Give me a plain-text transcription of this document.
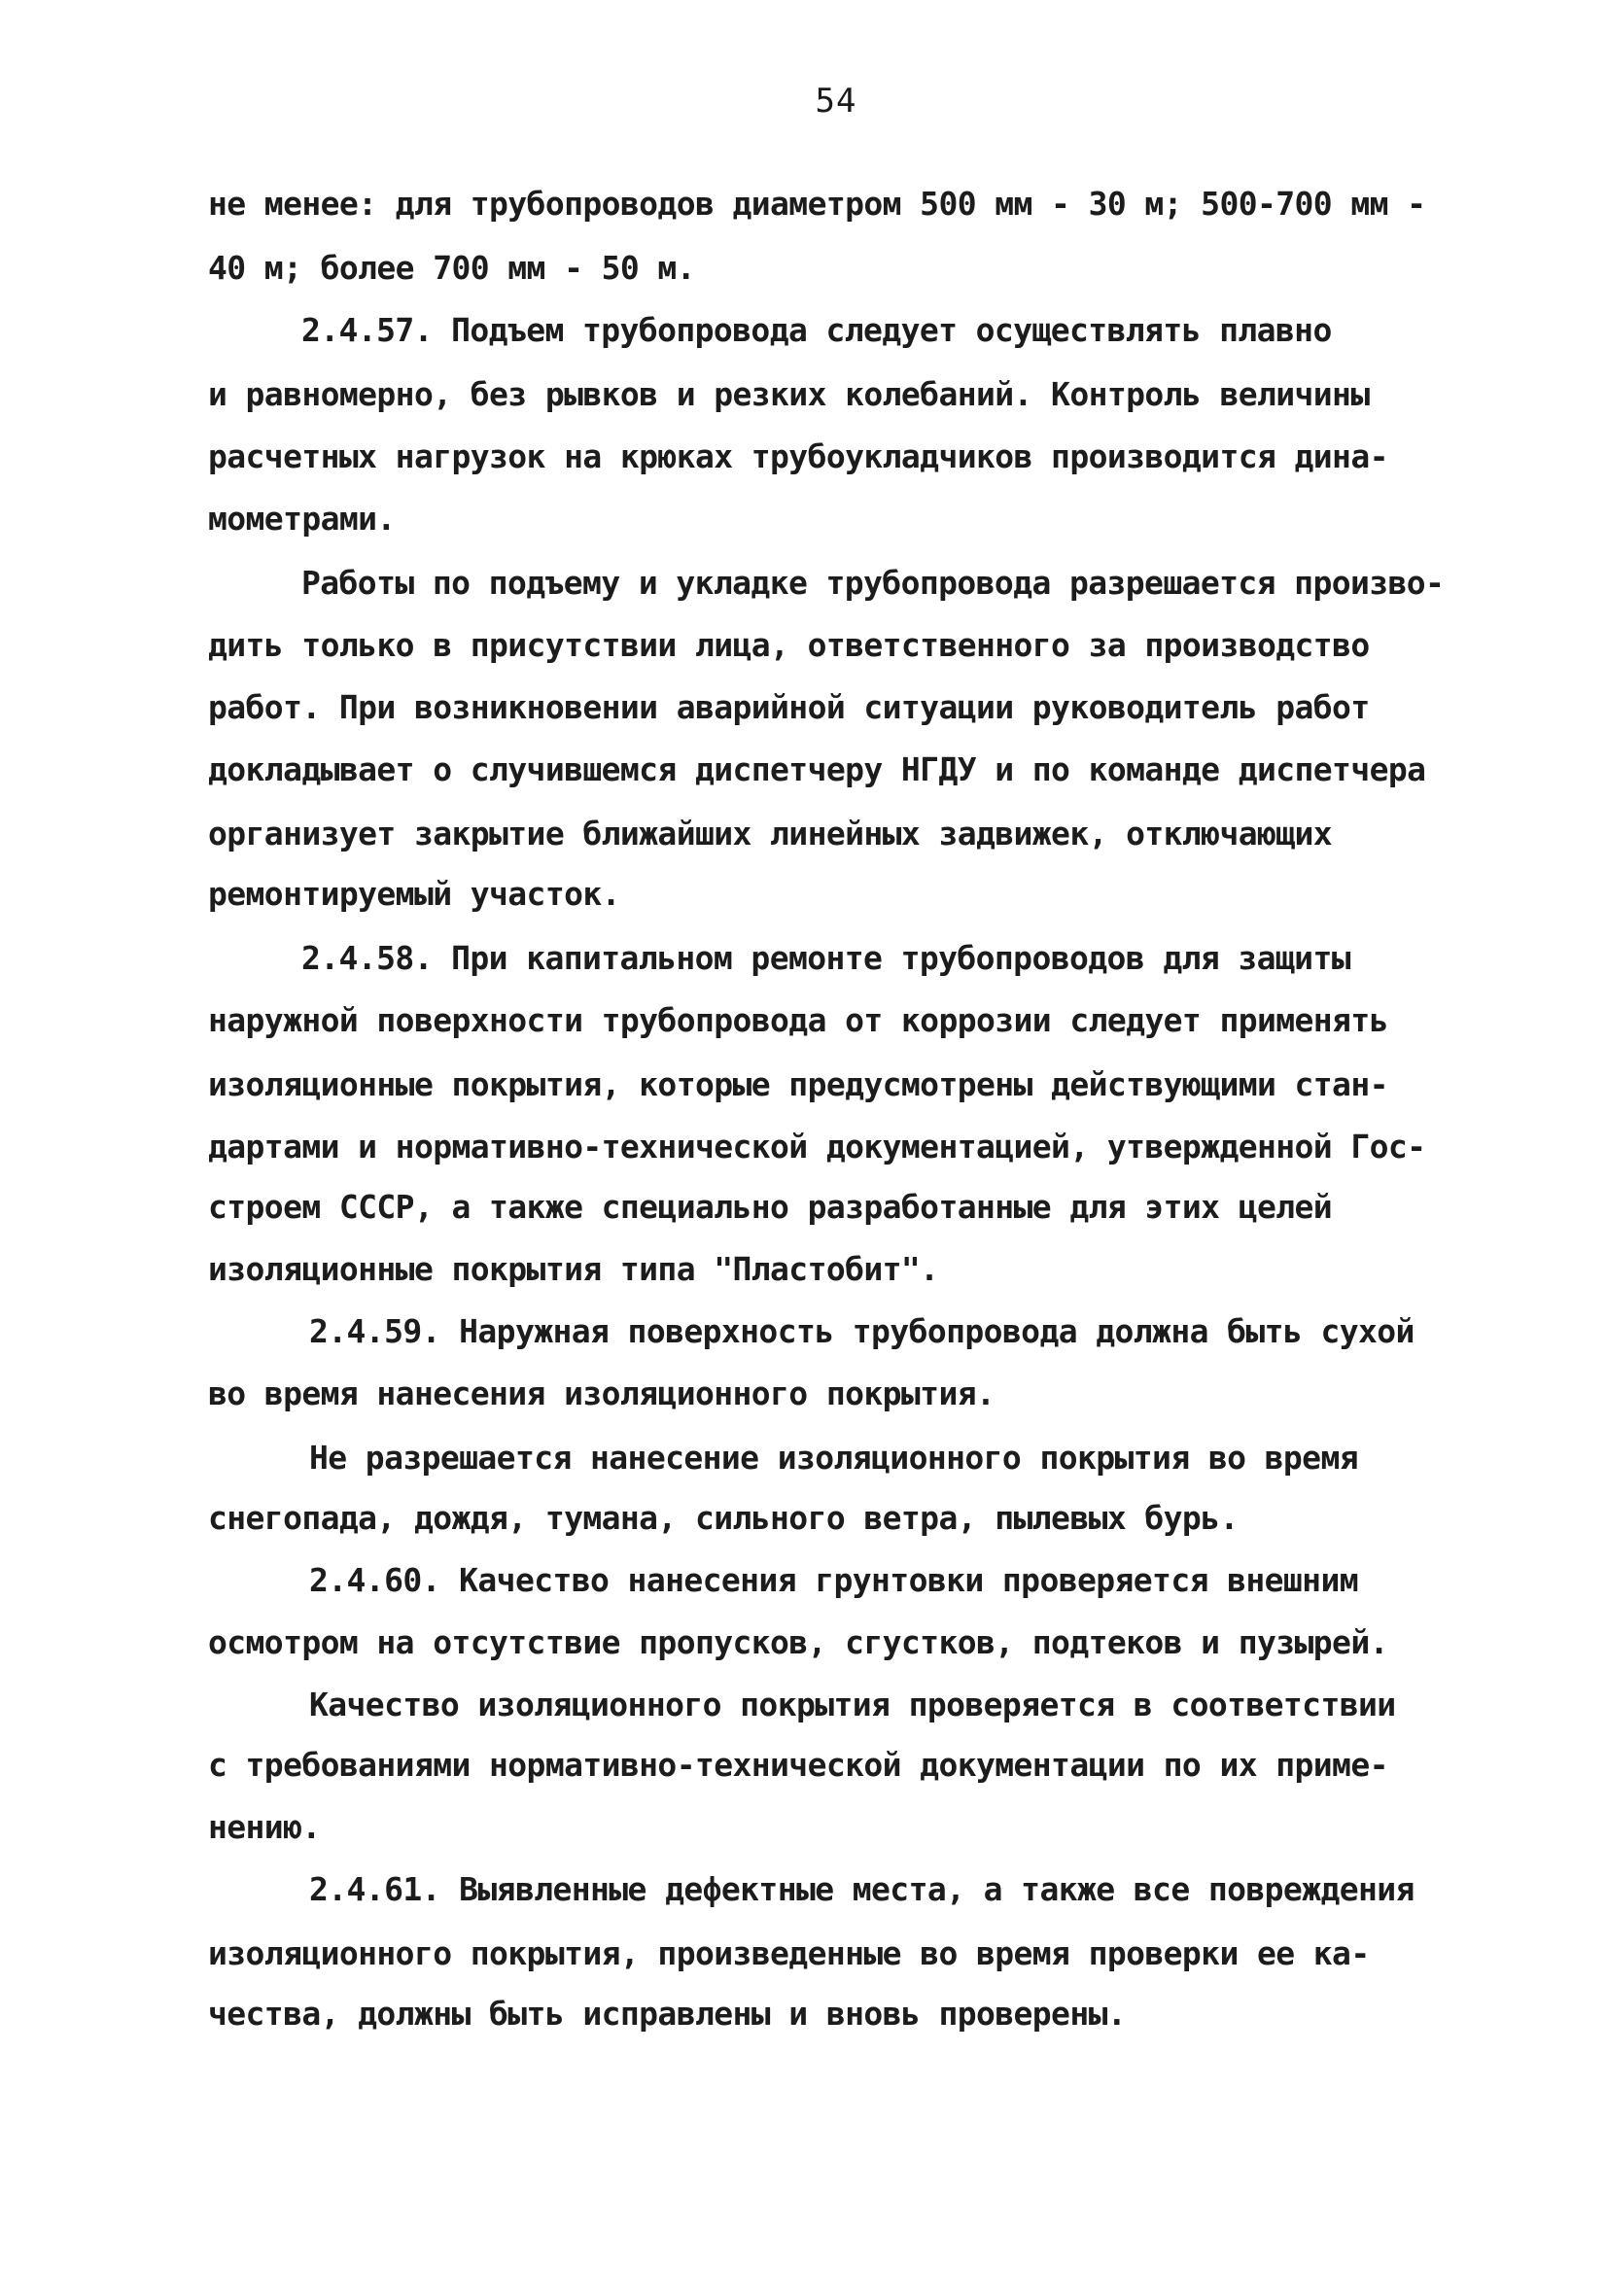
54
не менее: для трубопроводов диаметром 500 мм - 30 м; 500-700 мм -
40 м; более 700 мм - 50 м.
2.4.57. Подъем трубопровода следует осуществлять плавно
и равномерно, без рывков и резких колебаний. Контроль величины
расчетных нагрузок на крюках трубоукладчиков производится дина-
мометрами.
Работы по подъему и укладке трубопровода разрешается произво-
дить только в присутствии лица, ответственного за производство
работ. При возникновении аварийной ситуации руководитель работ
докладывает о случившемся диспетчеру НГДУ и по команде диспетчера
организует закрытие ближайших линейных задвижек, отключающих
ремонтируемый участок.
2.4.58. При капитальном ремонте трубопроводов для защиты
наружной поверхности трубопровода от коррозии следует применять
изоляционные покрытия, которые предусмотрены действующими стан-
дартами и нормативно-технической документацией, утвержденной Гос-
строем СССР, а также специально разработанные для этих целей
изоляционные покрытия типа "Пластобит".
2.4.59. Наружная поверхность трубопровода должна быть сухой
во время нанесения изоляционного покрытия.
Не разрешается нанесение изоляционного покрытия во время
снегопада, дождя, тумана, сильного ветра, пылевых бурь.
2.4.60. Качество нанесения грунтовки проверяется внешним
осмотром на отсутствие пропусков, сгустков, подтеков и пузырей.
Качество изоляционного покрытия проверяется в соответствии
с требованиями нормативно-технической документации по их приме-
нению.
2.4.61. Выявленные дефектные места, а также все повреждения
изоляционного покрытия, произведенные во время проверки ее ка-
чества, должны быть исправлены и вновь проверены.
